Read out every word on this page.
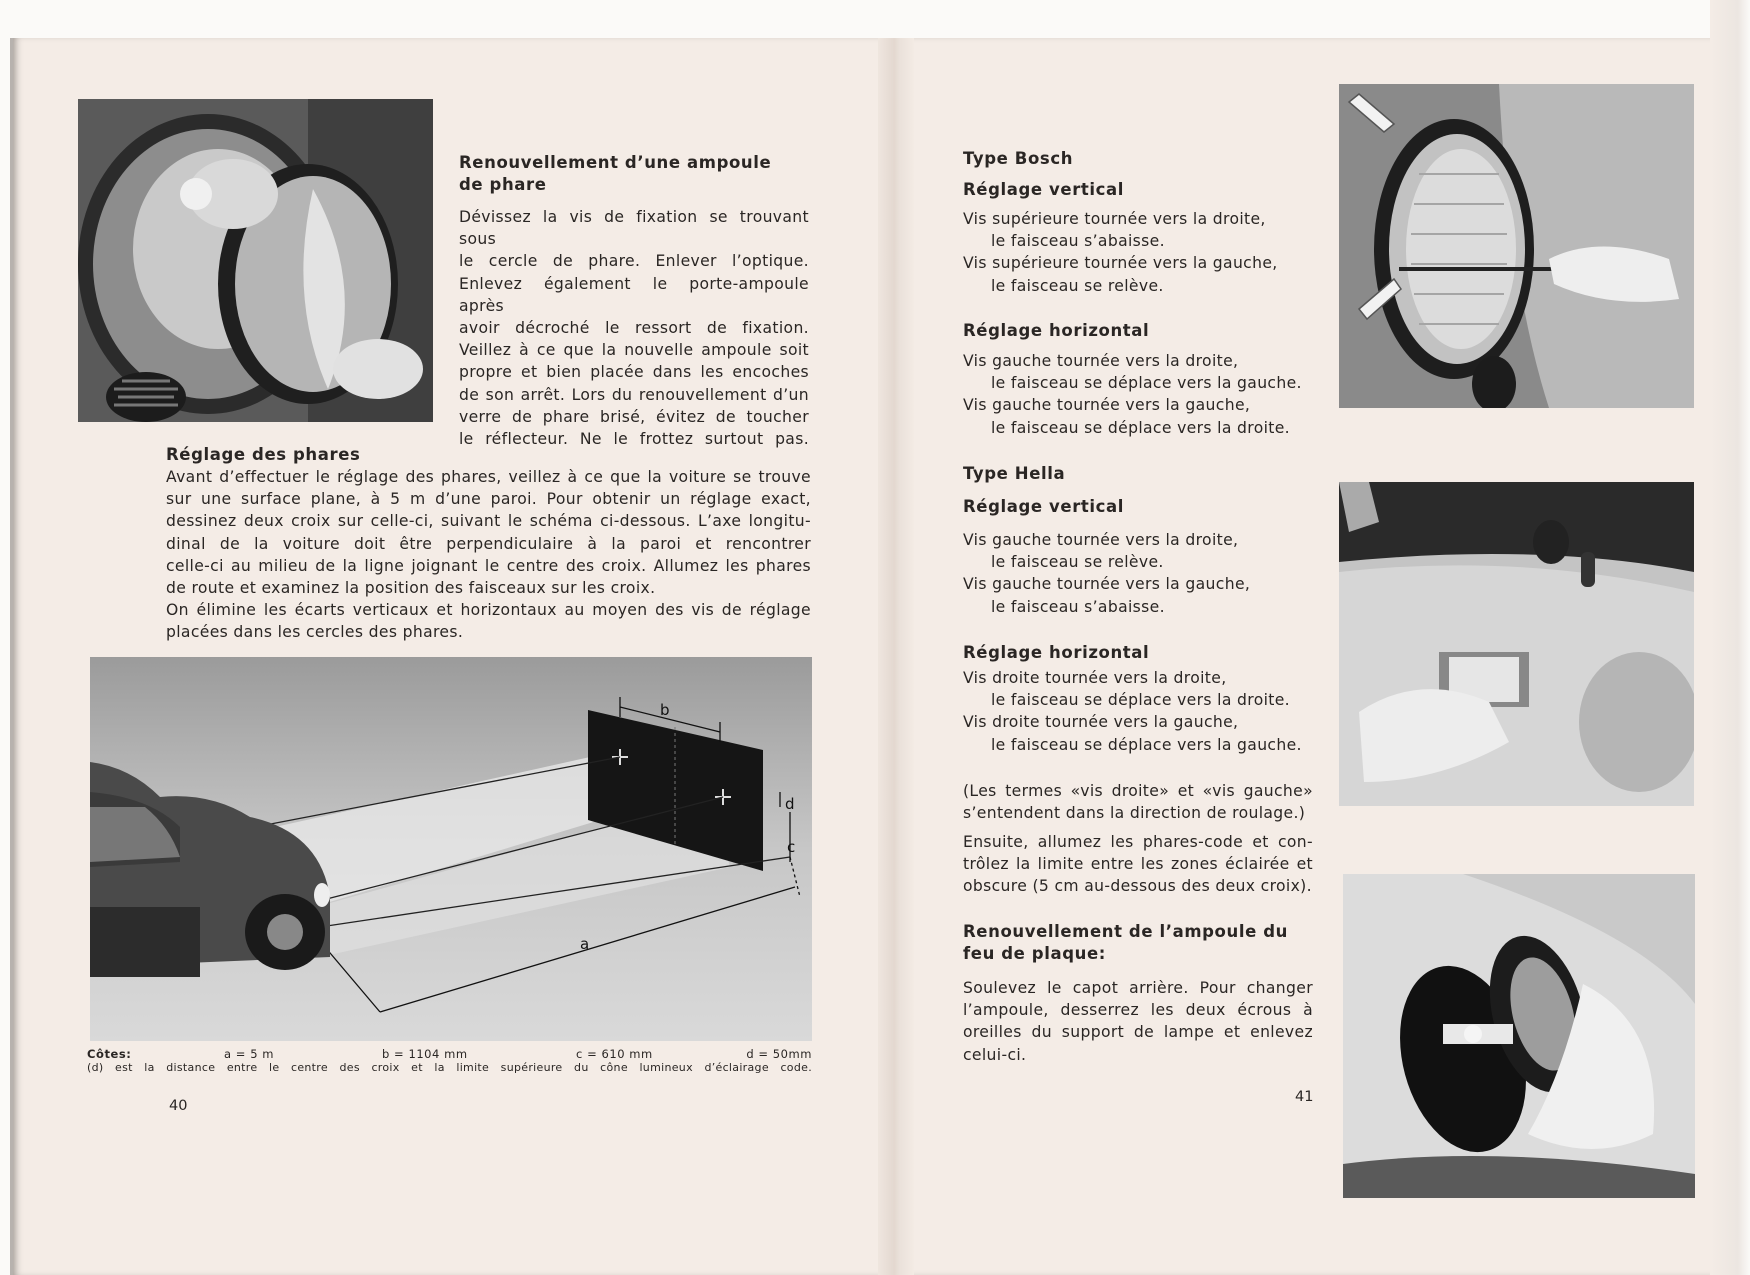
Renouvellement d’une ampoule de phare
Dévissez la vis de fixation se trouvant sous
le cercle de phare. Enlever l’optique.
Enlevez également le porte-ampoule après
avoir décroché le ressort de fixation.
Veillez à ce que la nouvelle ampoule soit
propre et bien placée dans les encoches
de son arrêt. Lors du renouvellement d’un
verre de phare brisé, évitez de toucher
le réflecteur. Ne le frottez surtout pas.
Réglage des phares
Avant d’effectuer le réglage des phares, veillez à ce que la voiture se trouve
sur une surface plane, à 5 m d’une paroi. Pour obtenir un réglage exact,
dessinez deux croix sur celle-ci, suivant le schéma ci-dessous. L’axe longitu-
dinal de la voiture doit être perpendiculaire à la paroi et rencontrer
celle-ci au milieu de la ligne joignant le centre des croix. Allumez les phares
de route et examinez la position des faisceaux sur les croix.
On élimine les écarts verticaux et horizontaux au moyen des vis de réglage
placées dans les cercles des phares.
a
b
d
c
Côtes:	a = 5 m	b = 1104 mm	c = 610 mm	d = 50mm
(d) est la distance entre le centre des croix et la limite supérieure du cône lumineux d’éclairage code.
40
Type Bosch
Réglage vertical
Vis supérieure tournée vers la droite,
le faisceau s’abaisse.
Vis supérieure tournée vers la gauche,
le faisceau se relève.
Réglage horizontal
Vis gauche tournée vers la droite,
le faisceau se déplace vers la gauche.
Vis gauche tournée vers la gauche,
le faisceau se déplace vers la droite.
Type Hella
Réglage vertical
Vis gauche tournée vers la droite,
le faisceau se relève.
Vis gauche tournée vers la gauche,
le faisceau s’abaisse.
Réglage horizontal
Vis droite tournée vers la droite,
le faisceau se déplace vers la droite.
Vis droite tournée vers la gauche,
le faisceau se déplace vers la gauche.
(Les termes «vis droite» et «vis gauche»
s’entendent dans la direction de roulage.)
Ensuite, allumez les phares-code et con-
trôlez la limite entre les zones éclairée et
obscure (5 cm au-dessous des deux croix).
Renouvellement de l’ampoule du feu de plaque:
Soulevez le capot arrière. Pour changer
l’ampoule, desserrez les deux écrous à
oreilles du support de lampe et enlevez
celui-ci.
41
